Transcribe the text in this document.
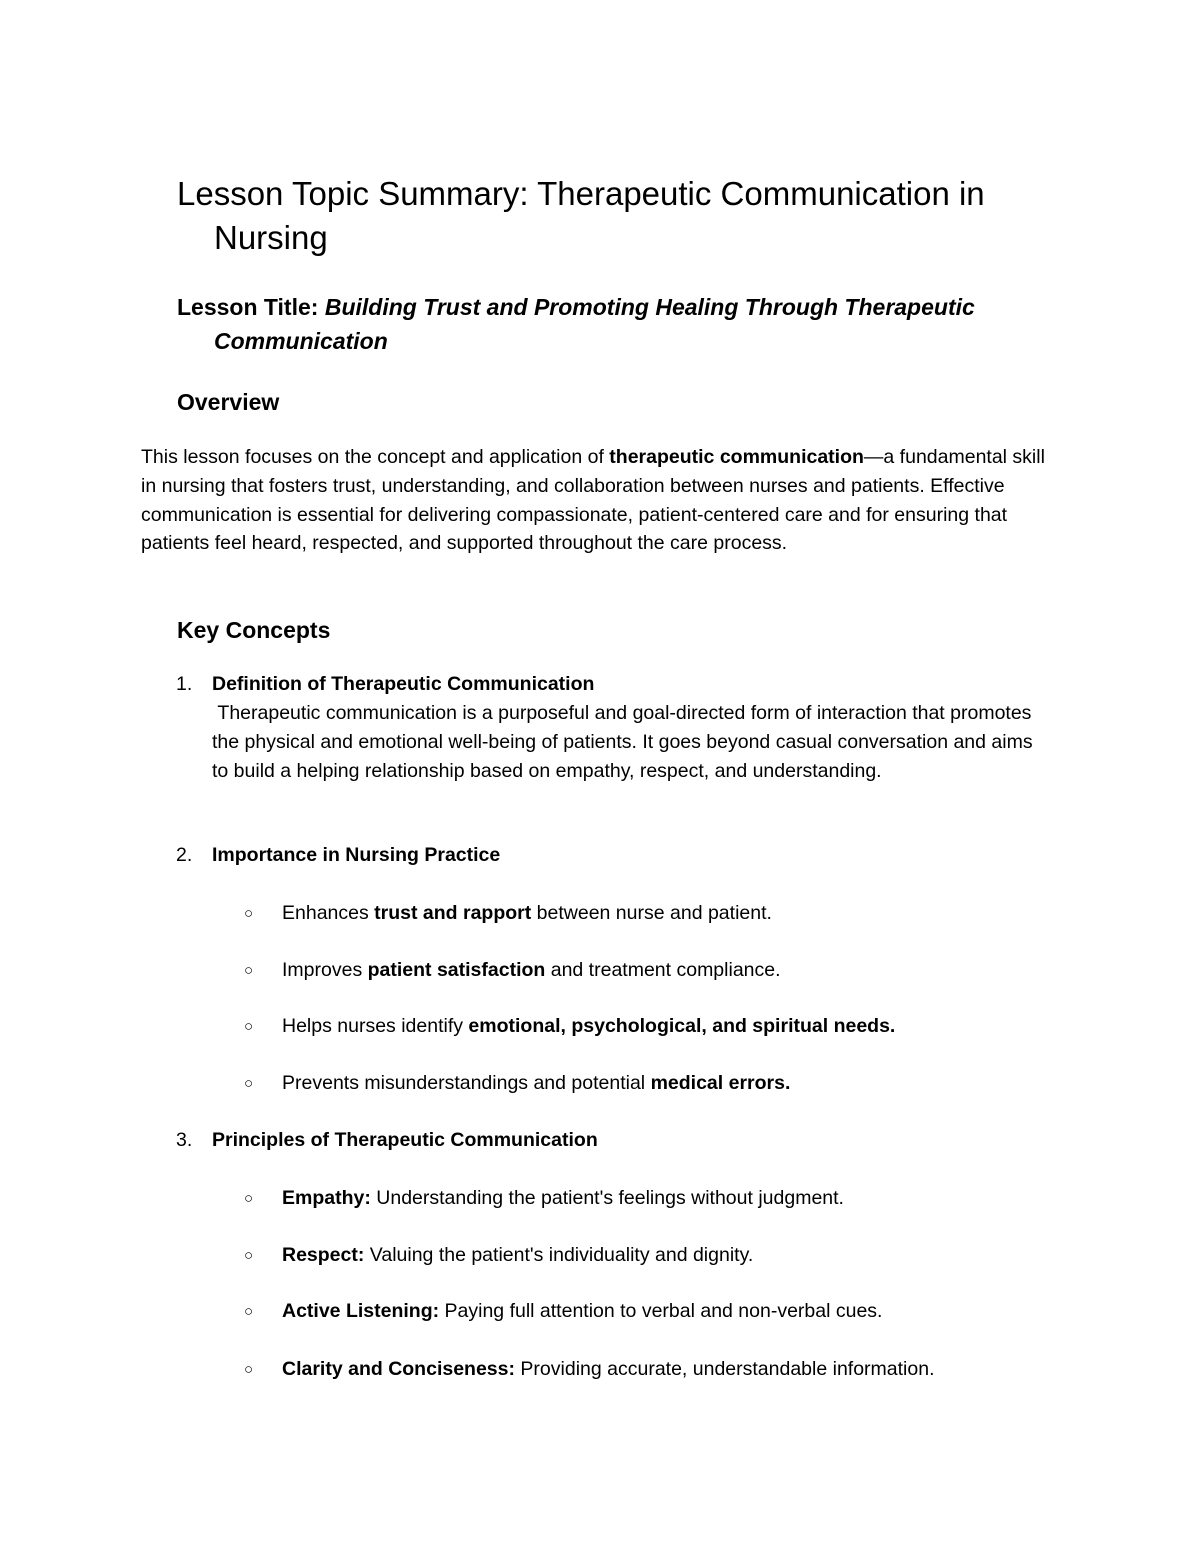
Lesson Topic Summary: Therapeutic Communication in Nursing
Lesson Title: Building Trust and Promoting Healing Through Therapeutic Communication
Overview

This lesson focuses on the concept and application of therapeutic communication—a fundamental skill in nursing that fosters trust, understanding, and collaboration between nurses and patients. Effective communication is essential for delivering compassionate, patient-centered care and for ensuring that patients feel heard, respected, and supported throughout the care process.

Key Concepts
1. Definition of Therapeutic Communication

Therapeutic communication is a purposeful and goal-directed form of interaction that promotes the physical and emotional well-being of patients. It goes beyond casual conversation and aims to build a helping relationship based on empathy, respect, and understanding.

2. Importance in Nursing Practice
○ Enhances trust and rapport between nurse and patient.
○ Improves patient satisfaction and treatment compliance.
○ Helps nurses identify emotional, psychological, and spiritual needs.
○ Prevents misunderstandings and potential medical errors.
3. Principles of Therapeutic Communication
○ Empathy: Understanding the patient's feelings without judgment.
○ Respect: Valuing the patient's individuality and dignity.
○ Active Listening: Paying full attention to verbal and non-verbal cues.
○ Clarity and Conciseness: Providing accurate, understandable information.
